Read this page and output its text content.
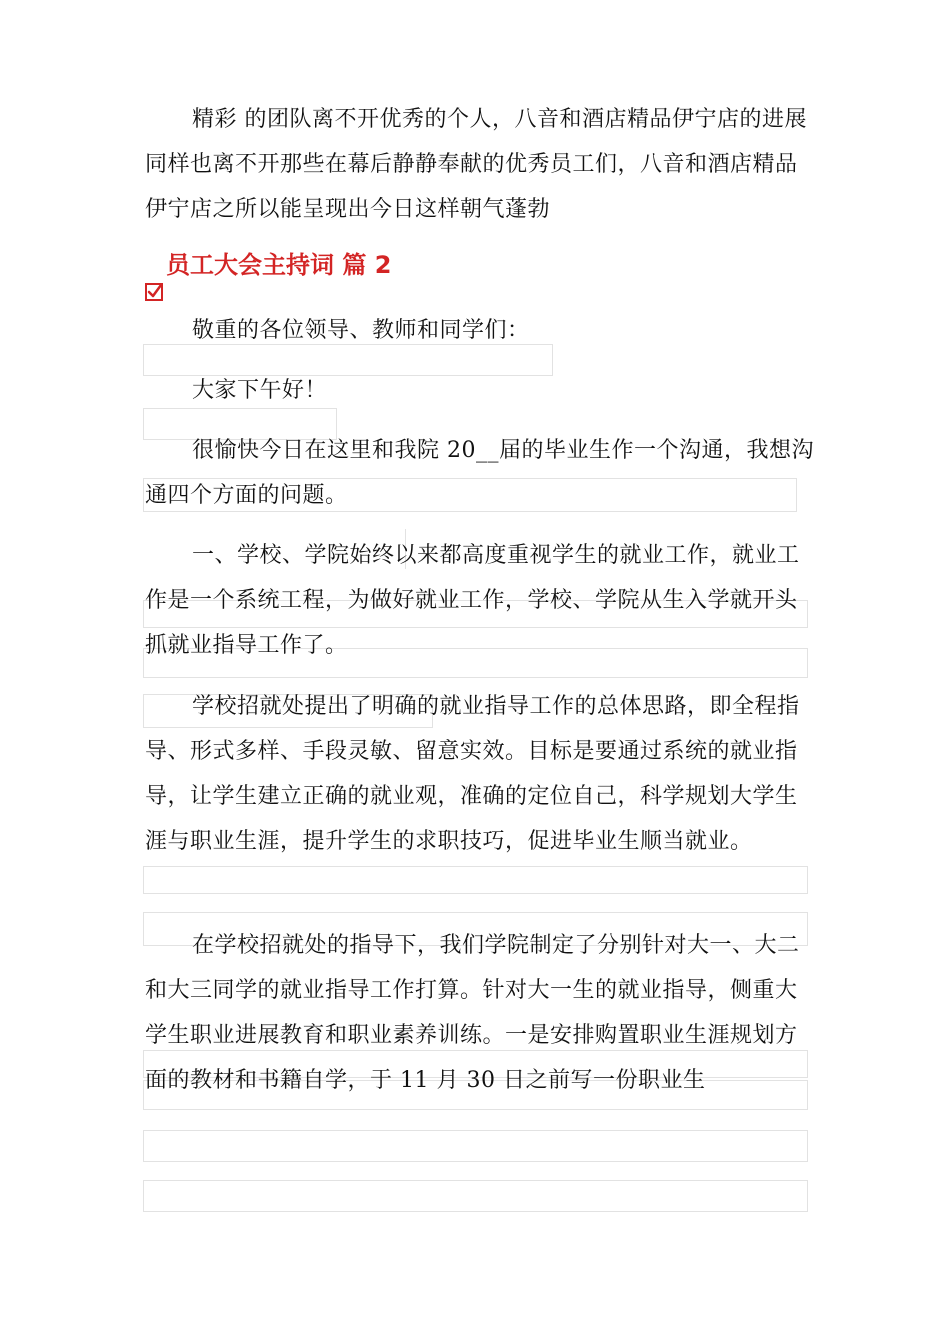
精彩 的团队离不开优秀的个人，八音和酒店精品伊宁店的进展同样也离不开那些在幕后静静奉献的优秀员工们，八音和酒店精品伊宁店之所以能呈现出今日这样朝气蓬勃

员工大会主持词 篇 2

敬重的各位领导、教师和同学们：

大家下午好！

很愉快今日在这里和我院 20__届的毕业生作一个沟通，我想沟通四个方面的问题。

一、学校、学院始终以来都高度重视学生的就业工作，就业工作是一个系统工程，为做好就业工作，学校、学院从生入学就开头抓就业指导工作了。

学校招就处提出了明确的就业指导工作的总体思路，即全程指导、形式多样、手段灵敏、留意实效。目标是要通过系统的就业指导，让学生建立正确的就业观，准确的定位自己，科学规划大学生涯与职业生涯，提升学生的求职技巧，促进毕业生顺当就业。

在学校招就处的指导下，我们学院制定了分别针对大一、大二和大三同学的就业指导工作打算。针对大一生的就业指导，侧重大学生职业进展教育和职业素养训练。一是安排购置职业生涯规划方面的教材和书籍自学，于 11 月 30 日之前写一份职业生
